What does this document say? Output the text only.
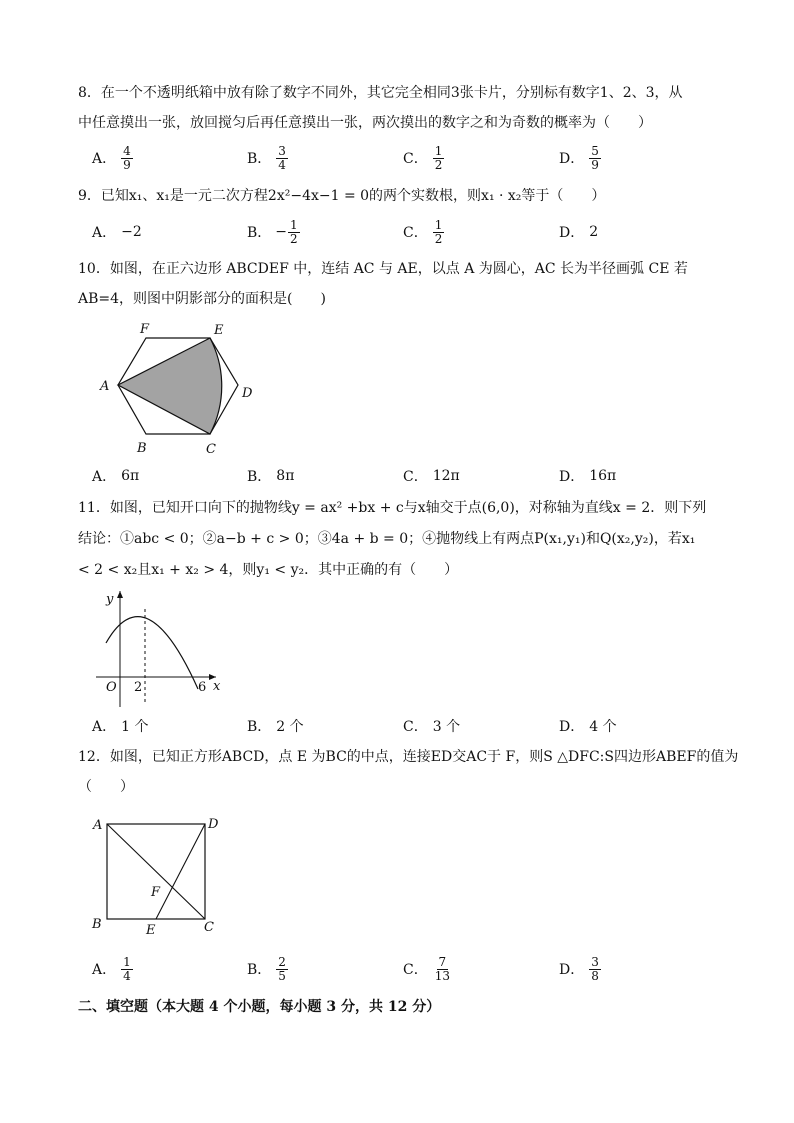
8．在一个不透明纸箱中放有除了数字不同外，其它完全相同3张卡片，分别标有数字1、2、3，从
中任意摸出一张，放回搅匀后再任意摸出一张，两次摸出的数字之和为奇数的概率为（　　）
A． $\frac{4}{9}$	B． $\frac{3}{4}$	C． $\frac{1}{2}$	D． $\frac{5}{9}$
9．已知x₁、x₁是一元二次方程2x²−4x−1 = 0的两个实数根，则x₁ · x₂等于（　　）
A． −2	B． − $\frac{1}{2}$	C． $\frac{1}{2}$	D． 2
10．如图，在正六边形 ABCDEF 中，连结 AC 与 AE，以点 A 为圆心，AC 长为半径画弧 CE 若
AB=4，则图中阴影部分的面积是(　　)
A
B	C
D
E
F
A． 6π	B． 8π	C． 12π	D． 16π
11．如图，已知开口向下的抛物线y = ax² +bx + c与x轴交于点(6,0)，对称轴为直线x = 2．则下列
结论：①abc < 0；②a−b + c > 0；③4a + b = 0；④抛物线上有两点P(x₁,y₁)和Q(x₂,y₂)，若x₁
< 2 < x₂且x₁ + x₂ > 4，则y₁ < y₂．其中正确的有（　　）
y
x
O 2	6
A． 1 个	B． 2 个	C． 3 个	D． 4 个
12．如图，已知正方形ABCD，点 E 为BC的中点，连接ED交AC于 F，则S △DFC:S四边形ABEF的值为
（　　）
A	D
B	C
E
F
A． $\frac{1}{4}$	B． $\frac{2}{5}$	C． $\frac{7}{13}$	D． $\frac{3}{8}$
二、填空题（本大题 4 个小题，每小题 3 分，共 12 分）
